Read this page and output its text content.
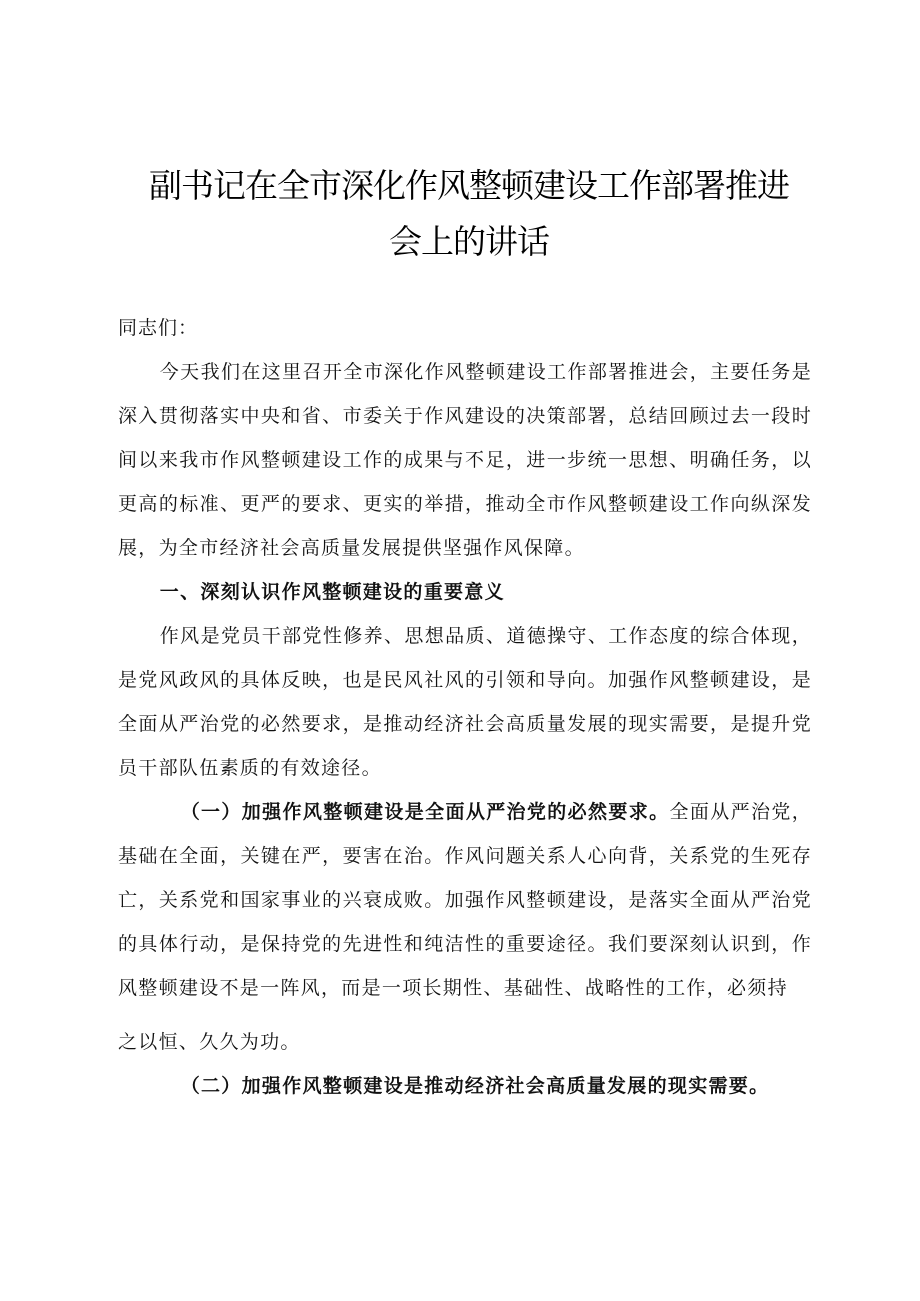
副书记在全市深化作风整顿建设工作部署推进
会上的讲话

同志们：

今天我们在这里召开全市深化作风整顿建设工作部署推进会，主要任务是深入贯彻落实中央和省、市委关于作风建设的决策部署，总结回顾过去一段时间以来我市作风整顿建设工作的成果与不足，进一步统一思想、明确任务，以更高的标准、更严的要求、更实的举措，推动全市作风整顿建设工作向纵深发展，为全市经济社会高质量发展提供坚强作风保障。

一、深刻认识作风整顿建设的重要意义

作风是党员干部党性修养、思想品质、道德操守、工作态度的综合体现，是党风政风的具体反映，也是民风社风的引领和导向。加强作风整顿建设，是全面从严治党的必然要求，是推动经济社会高质量发展的现实需要，是提升党员干部队伍素质的有效途径。

（一）加强作风整顿建设是全面从严治党的必然要求。全面从严治党，基础在全面，关键在严，要害在治。作风问题关系人心向背，关系党的生死存亡，关系党和国家事业的兴衰成败。加强作风整顿建设，是落实全面从严治党的具体行动，是保持党的先进性和纯洁性的重要途径。我们要深刻认识到，作风整顿建设不是一阵风，而是一项长期性、基础性、战略性的工作，必须持

之以恒、久久为功。

（二）加强作风整顿建设是推动经济社会高质量发展的现实需要。
